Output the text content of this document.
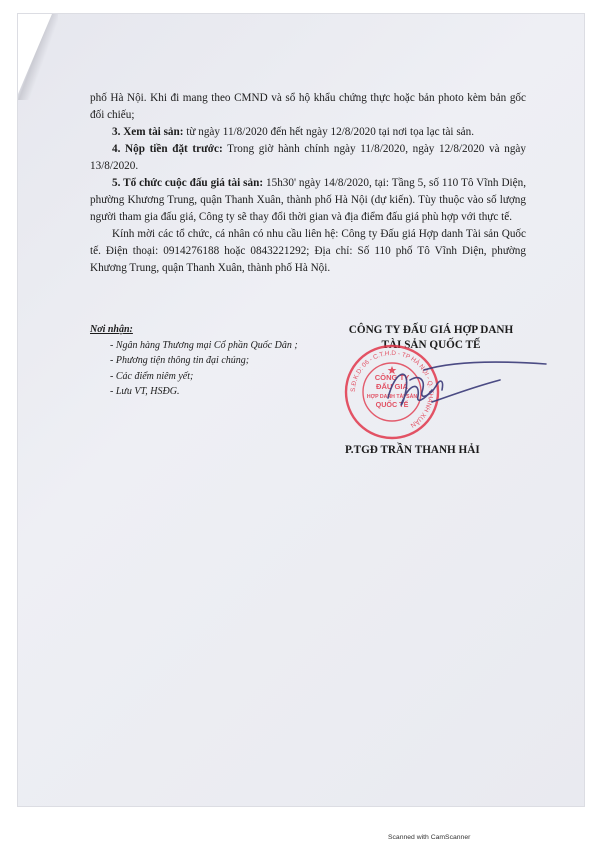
phố Hà Nội. Khi đi mang theo CMND và sổ hộ khẩu chứng thực hoặc bản photo kèm bản gốc đối chiếu;

3. Xem tài sản: từ ngày 11/8/2020 đến hết ngày 12/8/2020 tại nơi tọa lạc tài sản.

4. Nộp tiền đặt trước: Trong giờ hành chính ngày 11/8/2020, ngày 12/8/2020 và ngày 13/8/2020.

5. Tổ chức cuộc đấu giá tài sản: 15h30' ngày 14/8/2020, tại: Tầng 5, số 110 Tô Vĩnh Diện, phường Khương Trung, quận Thanh Xuân, thành phố Hà Nội (dự kiến). Tùy thuộc vào số lượng người tham gia đấu giá, Công ty sẽ thay đổi thời gian và địa điểm đấu giá phù hợp với thực tế.

Kính mời các tổ chức, cá nhân có nhu cầu liên hệ: Công ty Đấu giá Hợp danh Tài sản Quốc tế. Điện thoại: 0914276188 hoặc 0843221292; Địa chỉ: Số 110 phố Tô Vĩnh Diện, phường Khương Trung, quận Thanh Xuân, thành phố Hà Nội.

Nơi nhận:
- Ngân hàng Thương mại Cổ phần Quốc Dân ;
- Phương tiện thông tin đại chúng;
- Các điểm niêm yết;
- Lưu VT, HSĐG.
CÔNG TY ĐẤU GIÁ HỢP DANH
TÀI SẢN QUỐC TẾ
S.Đ.K.D: 06 - C.T.H.D - TP HÀ NỘI - Q. THANH XUÂN
CÔNG TY
ĐẤU GIÁ
HỢP DANH TÀI SẢN
QUỐC TẾ
P.TGĐ TRẦN THANH HẢI
Scanned with CamScanner
